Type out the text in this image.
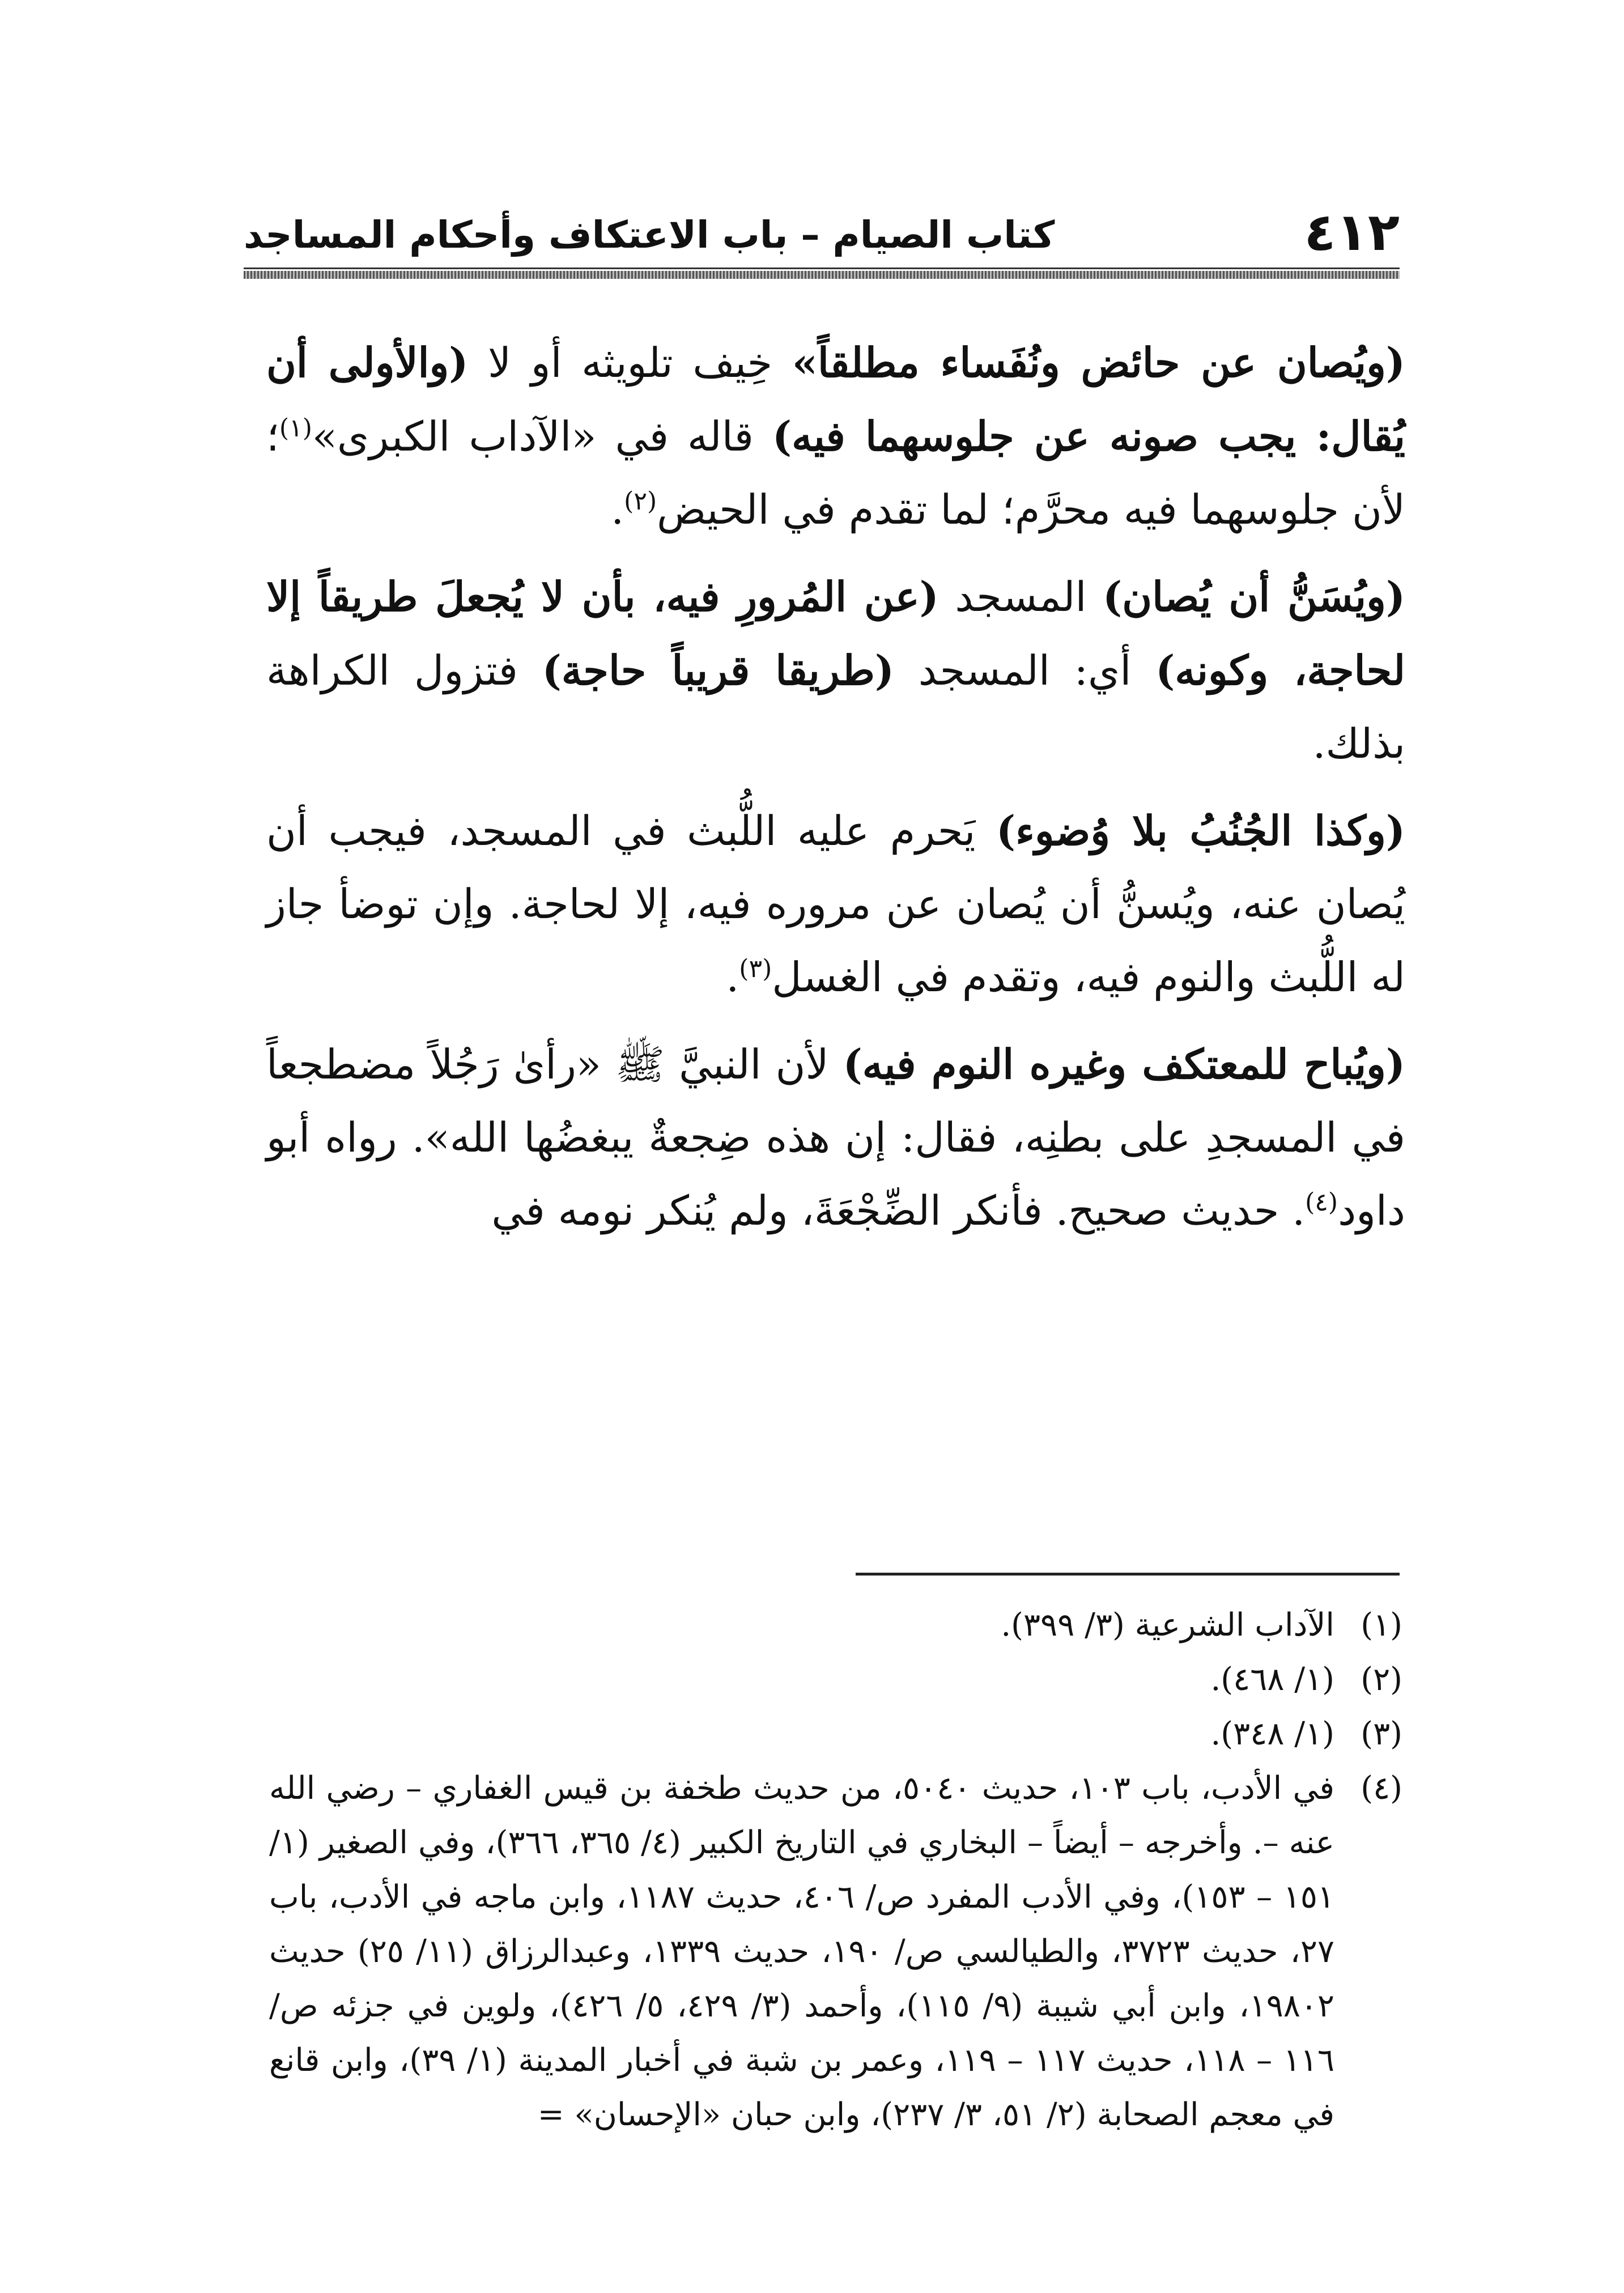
٤١٢
كتاب الصيام – باب الاعتكاف وأحكام المساجد

(ويُصان عن حائض ونُفَساء مطلقاً» خِيف تلويثه أو لا (والأولى أن يُقال: يجب صونه عن جلوسهما فيه) قاله في «الآداب الكبرى»$^{(١)}$؛ لأن جلوسهما فيه محرَّم؛ لما تقدم في الحيض$^{(٢)}$.

(ويُسَنُّ أن يُصان) المسجد (عن المُرورِ فيه، بأن لا يُجعلَ طريقاً إلا لحاجة، وكونه) أي: المسجد (طريقا قريباً حاجة) فتزول الكراهة بذلك.

(وكذا الجُنُبُ بلا وُضوء) يَحرم عليه اللُّبث في المسجد، فيجب أن يُصان عنه، ويُسنُّ أن يُصان عن مروره فيه، إلا لحاجة. وإن توضأ جاز له اللُّبث والنوم فيه، وتقدم في الغسل$^{(٣)}$.

(ويُباح للمعتكف وغيره النوم فيه) لأن النبيَّ ﷺ «رأىٰ رَجُلاً مضطجعاً في المسجدِ على بطنِه، فقال: إن هذه ضِجعةٌ يبغضُها الله». رواه أبو داود$^{(٤)}$. حديث صحيح. فأنكر الضِّجْعَةَ، ولم يُنكر نومه في

(١)
الآداب الشرعية (٣/ ٣٩٩).
(٢)
(١/ ٤٦٨).
(٣)
(١/ ٣٤٨).
(٤)
في الأدب، باب ١٠٣، حديث ٥٠٤٠، من حديث طخفة بن قيس الغفاري – رضي الله عنه –. وأخرجه – أيضاً – البخاري في التاريخ الكبير (٤/ ٣٦٥، ٣٦٦)، وفي الصغير (١/ ١٥١ – ١٥٣)، وفي الأدب المفرد ص/ ٤٠٦، حديث ١١٨٧، وابن ماجه في الأدب، باب ٢٧، حديث ٣٧٢٣، والطيالسي ص/ ١٩٠، حديث ١٣٣٩، وعبدالرزاق (١١/ ٢٥) حديث ١٩٨٠٢، وابن أبي شيبة (٩/ ١١٥)، وأحمد (٣/ ٤٢٩، ٥/ ٤٢٦)، ولوين في جزئه ص/ ١١٦ – ١١٨، حديث ١١٧ – ١١٩، وعمر بن شبة في أخبار المدينة (١/ ٣٩)، وابن قانع في معجم الصحابة (٢/ ٥١، ٣/ ٢٣٧)، وابن حبان «الإحسان» =
